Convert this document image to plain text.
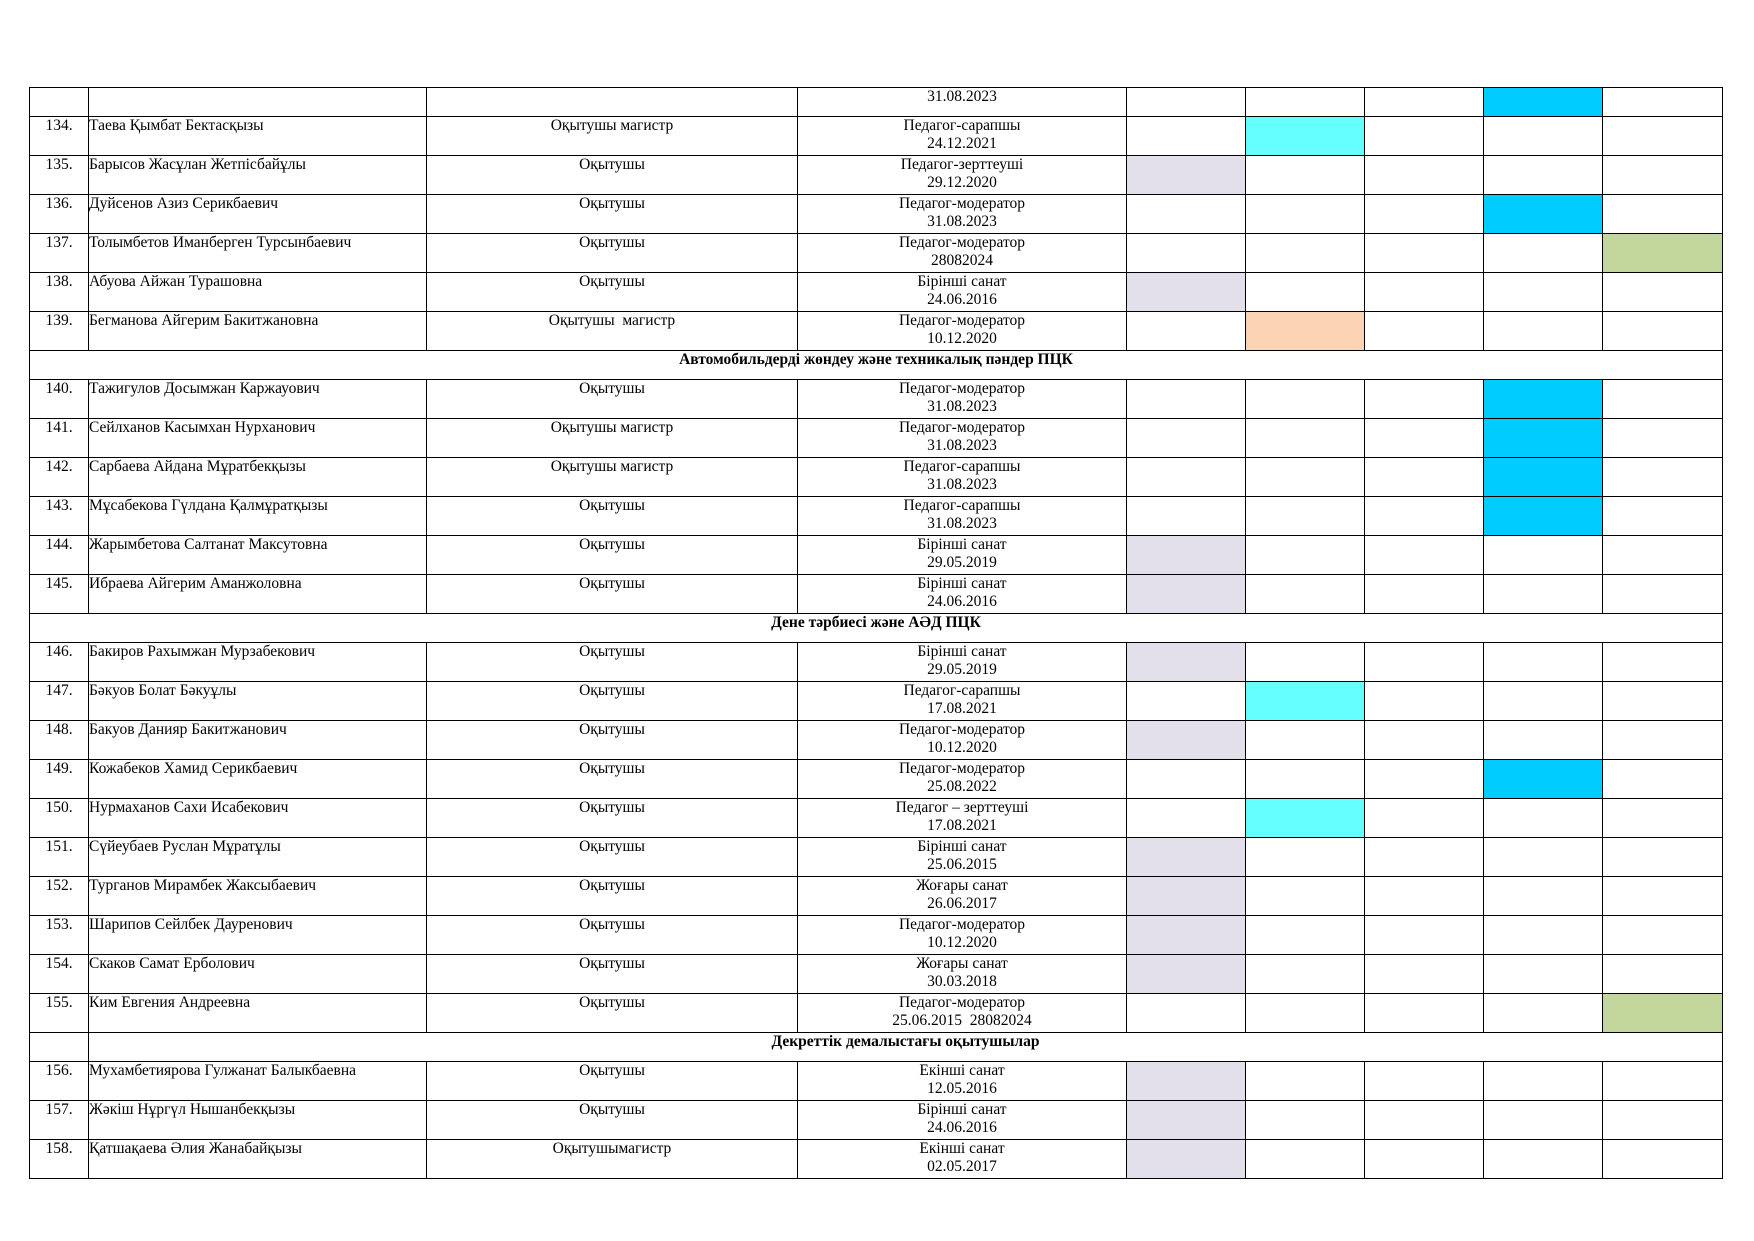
			31.08.2023					

134.	Таева Қымбат Бектасқызы	Оқытушы магистр	Педагог-сарапшы
24.12.2021					

135.	Барысов Жасұлан Жетпісбайұлы	Оқытушы	Педагог-зерттеуші
29.12.2020					

136.	Дуйсенов Азиз Серикбаевич	Оқытушы	Педагог-модератор
31.08.2023					

137.	Толымбетов Иманберген Турсынбаевич	Оқытушы	Педагог-модератор
28082024					

138.	Абуова Айжан Турашовна	Оқытушы	Бірінші санат
24.06.2016					

139.	Бегманова Айгерим Бакитжановна	Оқытушы  магистр	Педагог-модератор
10.12.2020					

Автомобильдерді жөндеу және техникалық пәндер ПЦК								
140.	Тажигулов Досымжан Каржауович	Оқытушы	Педагог-модератор
31.08.2023					

141.	Сейлханов Касымхан Нурханович	Оқытушы магистр	Педагог-модератор
31.08.2023					

142.	Сарбаева Айдана Мұратбекқызы	Оқытушы магистр	Педагог-сарапшы
31.08.2023					

143.	Мұсабекова Гүлдана Қалмұратқызы	Оқытушы	Педагог-сарапшы
31.08.2023					

144.	Жарымбетова Салтанат Максутовна	Оқытушы	Бірінші санат
29.05.2019					

145.	Ибраева Айгерим Аманжоловна	Оқытушы	Бірінші санат
24.06.2016					

Дене тәрбиесі және АӘД ПЦК								
146.	Бакиров Рахымжан Мурзабекович	Оқытушы	Бірінші санат
29.05.2019					

147.	Бәкуов Болат Бәкуұлы	Оқытушы	Педагог-сарапшы
17.08.2021					

148.	Бакуов Данияр Бакитжанович	Оқытушы	Педагог-модератор
10.12.2020					

149.	Кожабеков Хамид Серикбаевич	Оқытушы	Педагог-модератор
25.08.2022					

150.	Нурмаханов Сахи Исабекович	Оқытушы	Педагог – зерттеуші
17.08.2021					

151.	Сүйеубаев Руслан Мұратұлы	Оқытушы	Бірінші санат
25.06.2015					

152.	Турганов Мирамбек Жаксыбаевич	Оқытушы	Жоғары санат
26.06.2017					

153.	Шарипов Сейлбек Дауренович	Оқытушы	Педагог-модератор
10.12.2020					

154.	Скаков Самат Ерболович	Оқытушы	Жоғары санат
30.03.2018					

155.	Ким Евгения Андреевна	Оқытушы	Педагог-модератор
25.06.2015  28082024					

	Декреттік демалыстағы оқытушылар							
156.	Мухамбетиярова Гулжанат Балыкбаевна	Оқытушы	Екінші санат
12.05.2016					

157.	Жәкіш Нұргүл Нышанбекқызы	Оқытушы	Бірінші санат
24.06.2016					

158.	Қатшақаева Әлия Жанабайқызы	Оқытушымагистр	Екінші санат
02.05.2017					
